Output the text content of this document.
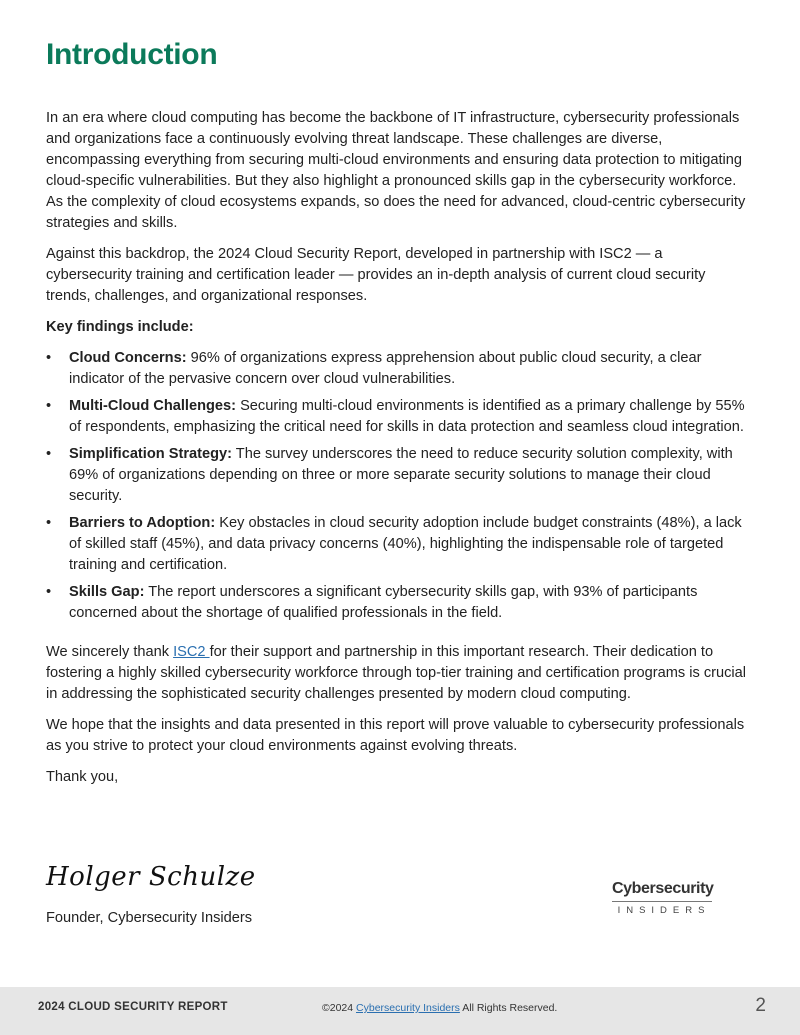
Introduction

In an era where cloud computing has become the backbone of IT infrastructure, cybersecurity professionals and organizations face a continuously evolving threat landscape. These challenges are diverse, encompassing everything from securing multi-cloud environments and ensuring data protection to mitigating cloud-specific vulnerabilities. But they also highlight a pronounced skills gap in the cybersecurity workforce. As the complexity of cloud ecosystems expands, so does the need for advanced, cloud-centric cybersecurity strategies and skills.

Against this backdrop, the 2024 Cloud Security Report, developed in partnership with ISC2 — a cybersecurity training and certification leader — provides an in-depth analysis of current cloud security trends, challenges, and organizational responses.

Key findings include:

• Cloud Concerns: 96% of organizations express apprehension about public cloud security, a clear indicator of the pervasive concern over cloud vulnerabilities.
• Multi-Cloud Challenges: Securing multi-cloud environments is identified as a primary challenge by 55% of respondents, emphasizing the critical need for skills in data protection and seamless cloud integration.
• Simplification Strategy: The survey underscores the need to reduce security solution complexity, with 69% of organizations depending on three or more separate security solutions to manage their cloud security.
• Barriers to Adoption: Key obstacles in cloud security adoption include budget constraints (48%), a lack of skilled staff (45%), and data privacy concerns (40%), highlighting the indispensable role of targeted training and certification.
• Skills Gap: The report underscores a significant cybersecurity skills gap, with 93% of participants concerned about the shortage of qualified professionals in the field.

We sincerely thank ISC2 for their support and partnership in this important research. Their dedication to fostering a highly skilled cybersecurity workforce through top-tier training and certification programs is crucial in addressing the sophisticated security challenges presented by modern cloud computing.

We hope that the insights and data presented in this report will prove valuable to cybersecurity professionals as you strive to protect your cloud environments against evolving threats.

Thank you,

Holger Schulze
Founder, Cybersecurity Insiders
Cybersecurity
INSIDERS
2024 CLOUD SECURITY REPORT	©2024 Cybersecurity Insiders All Rights Reserved.	2
